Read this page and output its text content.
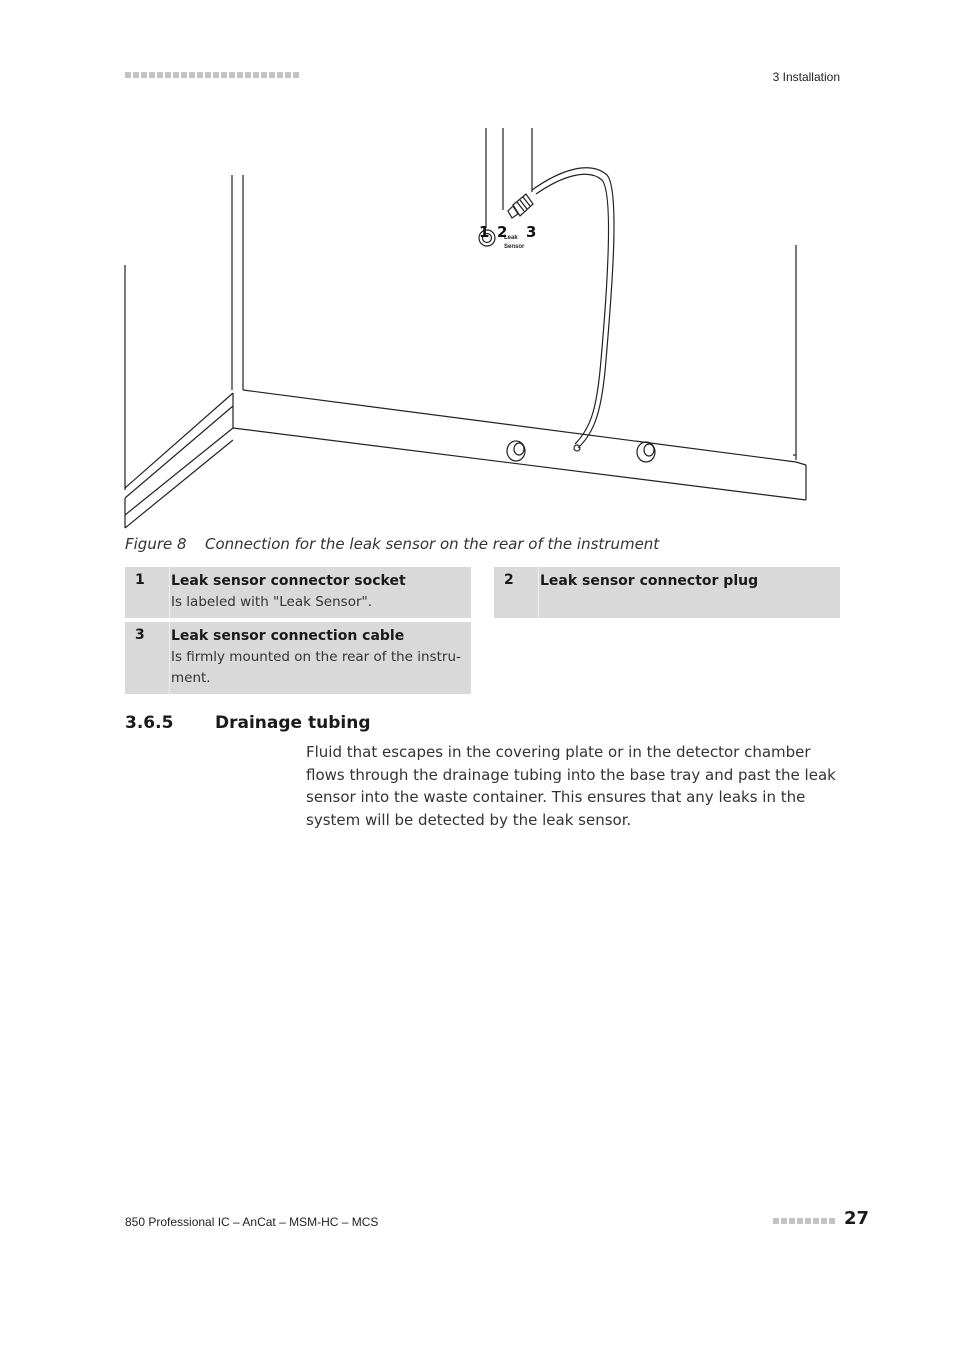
3 Installation
Leak
Sensor
1 2 3
Figure 8 Connection for the leak sensor on the rear of the instrument
1 Leak sensor connector socket
Is labeled with "Leak Sensor".
2 Leak sensor connector plug
3 Leak sensor connection cable
Is firmly mounted on the rear of the instru-ment.
3.6.5 Drainage tubing
Fluid that escapes in the covering plate or in the detector chamber flows through the drainage tubing into the base tray and past the leak sensor into the waste container. This ensures that any leaks in the system will be detected by the leak sensor.
850 Professional IC – AnCat – MSM-HC – MCS	27
